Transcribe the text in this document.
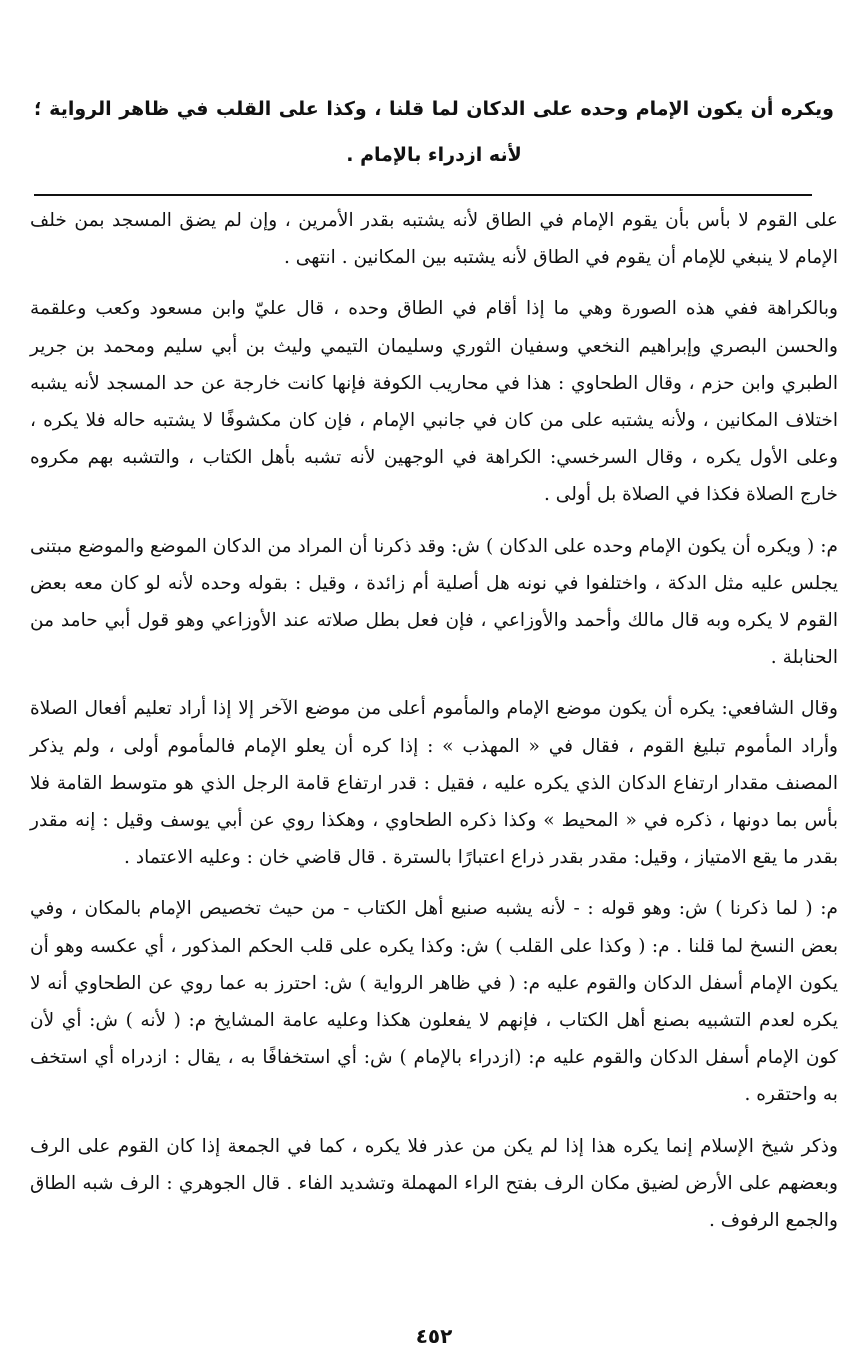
ويكره أن يكون الإمام وحده على الدكان لما قلنا ، وكذا على القلب في ظاهر الرواية ؛ لأنه ازدراء بالإمام .

على القوم لا بأس بأن يقوم الإمام في الطاق لأنه يشتبه بقدر الأمرين ، وإن لم يضق المسجد بمن خلف الإمام لا ينبغي للإمام أن يقوم في الطاق لأنه يشتبه بين المكانين . انتهى .

وبالكراهة ففي هذه الصورة وهي ما إذا أقام في الطاق وحده ، قال عليّ وابن مسعود وكعب وعلقمة والحسن البصري وإبراهيم النخعي وسفيان الثوري وسليمان التيمي وليث بن أبي سليم ومحمد بن جرير الطبري وابن حزم ، وقال الطحاوي : هذا في محاريب الكوفة فإنها كانت خارجة عن حد المسجد لأنه يشبه اختلاف المكانين ، ولأنه يشتبه على من كان في جانبي الإمام ، فإن كان مكشوفًا لا يشتبه حاله فلا يكره ، وعلى الأول يكره ، وقال السرخسي: الكراهة في الوجهين لأنه تشبه بأهل الكتاب ، والتشبه بهم مكروه خارج الصلاة فكذا في الصلاة بل أولى .

م: ( ويكره أن يكون الإمام وحده على الدكان ) ش: وقد ذكرنا أن المراد من الدكان الموضع والموضع مبتنى يجلس عليه مثل الدكة ، واختلفوا في نونه هل أصلية أم زائدة ، وقيل : بقوله وحده لأنه لو كان معه بعض القوم لا يكره وبه قال مالك وأحمد والأوزاعي ، فإن فعل بطل صلاته عند الأوزاعي وهو قول أبي حامد من الحنابلة .

وقال الشافعي: يكره أن يكون موضع الإمام والمأموم أعلى من موضع الآخر إلا إذا أراد تعليم أفعال الصلاة وأراد المأموم تبليغ القوم ، فقال في « المهذب » : إذا كره أن يعلو الإمام فالمأموم أولى ، ولم يذكر المصنف مقدار ارتفاع الدكان الذي يكره عليه ، فقيل : قدر ارتفاع قامة الرجل الذي هو متوسط القامة فلا بأس بما دونها ، ذكره في « المحيط » وكذا ذكره الطحاوي ، وهكذا روي عن أبي يوسف وقيل : إنه مقدر بقدر ما يقع الامتياز ، وقيل: مقدر بقدر ذراع اعتبارًا بالسترة . قال قاضي خان : وعليه الاعتماد .

م: ( لما ذكرنا ) ش: وهو قوله : - لأنه يشبه صنيع أهل الكتاب - من حيث تخصيص الإمام بالمكان ، وفي بعض النسخ لما قلنا . م: ( وكذا على القلب ) ش: وكذا يكره على قلب الحكم المذكور ، أي عكسه وهو أن يكون الإمام أسفل الدكان والقوم عليه م: ( في ظاهر الرواية ) ش: احترز به عما روي عن الطحاوي أنه لا يكره لعدم التشبيه بصنع أهل الكتاب ، فإنهم لا يفعلون هكذا وعليه عامة المشايخ م: ( لأنه ) ش: أي لأن كون الإمام أسفل الدكان والقوم عليه م: (ازدراء بالإمام ) ش: أي استخفافًا به ، يقال : ازدراه أي استخف به واحتقره .

وذكر شيخ الإسلام إنما يكره هذا إذا لم يكن من عذر فلا يكره ، كما في الجمعة إذا كان القوم على الرف وبعضهم على الأرض لضيق مكان الرف بفتح الراء المهملة وتشديد الفاء . قال الجوهري : الرف شبه الطاق والجمع الرفوف .

٤٥٢
